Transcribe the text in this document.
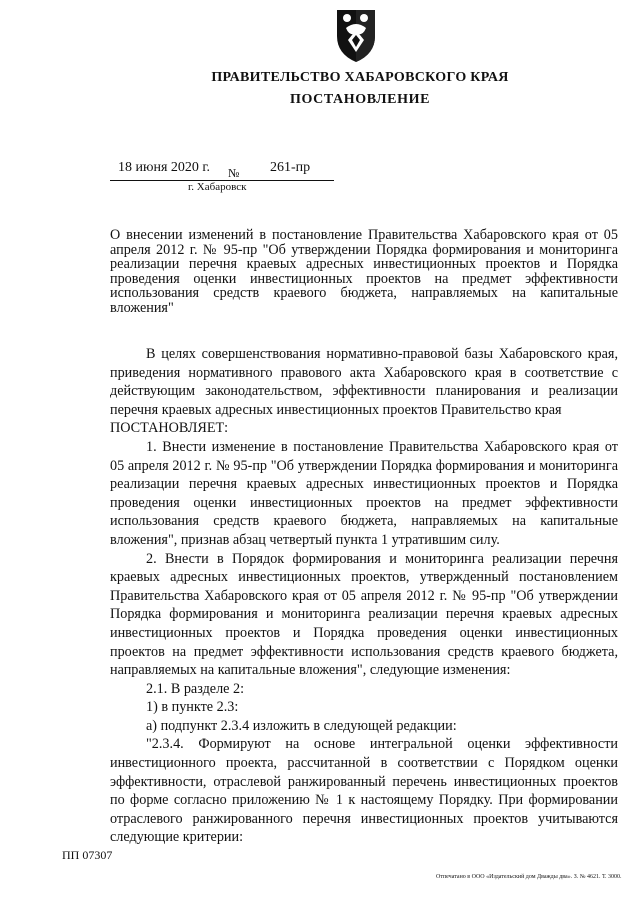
ПРАВИТЕЛЬСТВО ХАБАРОВСКОГО КРАЯ
ПОСТАНОВЛЕНИЕ
18 июня 2020 г. № 261-пр
г. Хабаровск
О внесении изменений в постановление Правительства Хабаровского края от 05 апреля 2012 г. № 95-пр "Об утверждении Порядка формирования и мониторинга реализации перечня краевых адресных инвестиционных проектов и Порядка проведения оценки инвестиционных проектов на предмет эффективности использования средств краевого бюджета, направляемых на капитальные вложения"

В целях совершенствования нормативно-правовой базы Хабаровского края, приведения нормативного правового акта Хабаровского края в соответствие с действующим законодательством, эффективности планирования и реализации перечня краевых адресных инвестиционных проектов Правительство края

ПОСТАНОВЛЯЕТ:

1. Внести изменение в постановление Правительства Хабаровского края от 05 апреля 2012 г. № 95-пр "Об утверждении Порядка формирования и мониторинга реализации перечня краевых адресных инвестиционных проектов и Порядка проведения оценки инвестиционных проектов на предмет эффективности использования средств краевого бюджета, направляемых на капитальные вложения", признав абзац четвертый пункта 1 утратившим силу.

2. Внести в Порядок формирования и мониторинга реализации перечня краевых адресных инвестиционных проектов, утвержденный постановлением Правительства Хабаровского края от 05 апреля 2012 г. № 95-пр "Об утверждении Порядка формирования и мониторинга реализации перечня краевых адресных инвестиционных проектов и Порядка проведения оценки инвестиционных проектов на предмет эффективности использования средств краевого бюджета, направляемых на капитальные вложения", следующие изменения:

2.1. В разделе 2:

1) в пункте 2.3:

а) подпункт 2.3.4 изложить в следующей редакции:

"2.3.4. Формируют на основе интегральной оценки эффективности инвестиционного проекта, рассчитанной в соответствии с Порядком оценки эффективности, отраслевой ранжированный перечень инвестиционных проектов по форме согласно приложению № 1 к настоящему Порядку. При формировании отраслевого ранжированного перечня инвестиционных проектов учитываются следующие критерии:

ПП 07307
Отпечатано в ООО «Издательский дом Дважды два». З. № 4621. Т. 3000.
